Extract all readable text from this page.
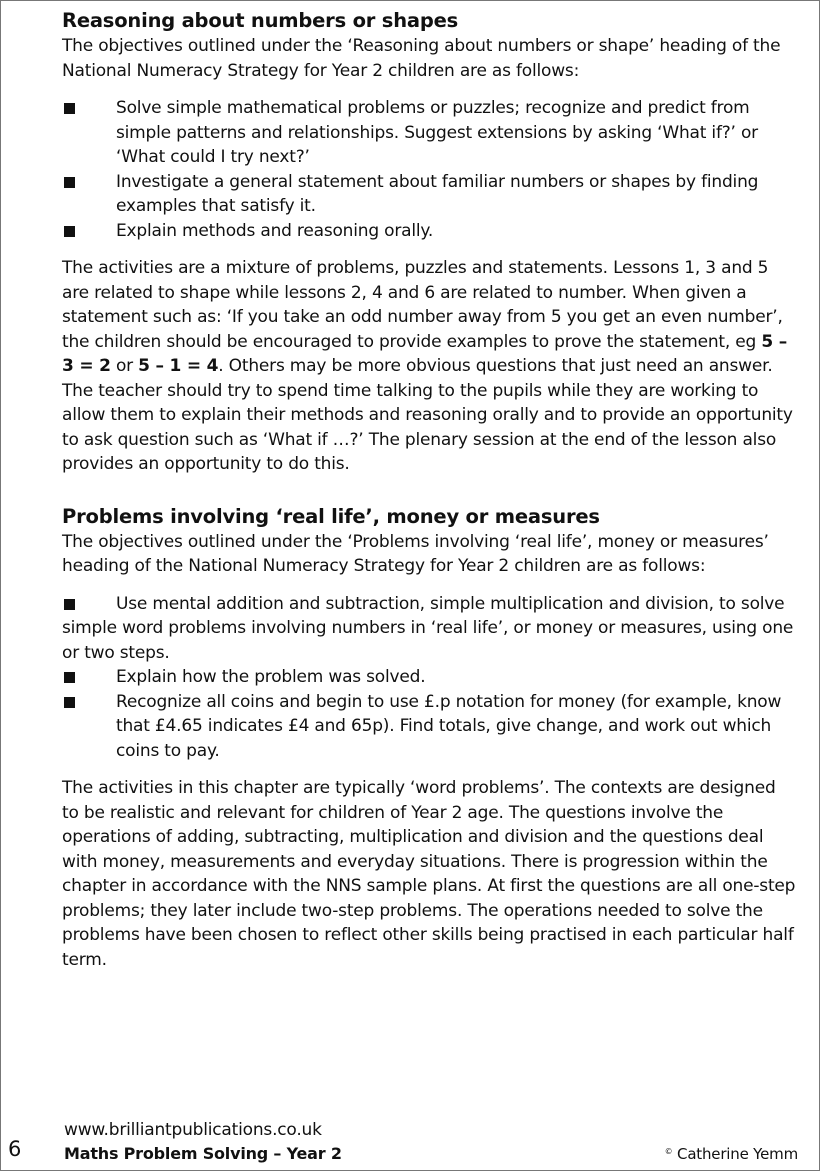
Reasoning about numbers or shapes

The objectives outlined under the ‘Reasoning about numbers or shape’ heading of the National Numeracy Strategy for Year 2 children are as follows:

Solve simple mathematical problems or puzzles; recognize and predict from simple patterns and relationships. Suggest extensions by asking ‘What if?’ or ‘What could I try next?’
Investigate a general statement about familiar numbers or shapes by finding examples that satisfy it.
Explain methods and reasoning orally.

The activities are a mixture of problems, puzzles and statements. Lessons 1, 3 and 5 are related to shape while lessons 2, 4 and 6 are related to number. When given a statement such as: ‘If you take an odd number away from 5 you get an even number’, the children should be encouraged to provide examples to prove the statement, eg 5 – 3 = 2 or 5 – 1 = 4. Others may be more obvious questions that just need an answer. The teacher should try to spend time talking to the pupils while they are working to allow them to explain their methods and reasoning orally and to provide an opportunity to ask question such as ‘What if …?’ The plenary session at the end of the lesson also provides an opportunity to do this.

Problems involving ‘real life’, money or measures

The objectives outlined under the ‘Problems involving ‘real life’, money or measures’ heading of the National Numeracy Strategy for Year 2 children are as follows:

Use mental addition and subtraction, simple multiplication and division, to solve simple word problems involving numbers in ‘real life’, or money or measures, using one or two steps.
Explain how the problem was solved.
Recognize all coins and begin to use £.p notation for money (for example, know that £4.65 indicates £4 and 65p). Find totals, give change, and work out which coins to pay.

The activities in this chapter are typically ‘word problems’. The contexts are designed to be realistic and relevant for children of Year 2 age. The questions involve the operations of adding, subtracting, multiplication and division and the questions deal with money, measurements and everyday situations. There is progression within the chapter in accordance with the NNS sample plans. At first the questions are all one-step problems; they later include two-step problems. The operations needed to solve the problems have been chosen to reflect other skills being practised in each particular half term.

www.brilliantpublications.co.uk
Maths Problem Solving – Year 2
6	© Catherine Yemm
